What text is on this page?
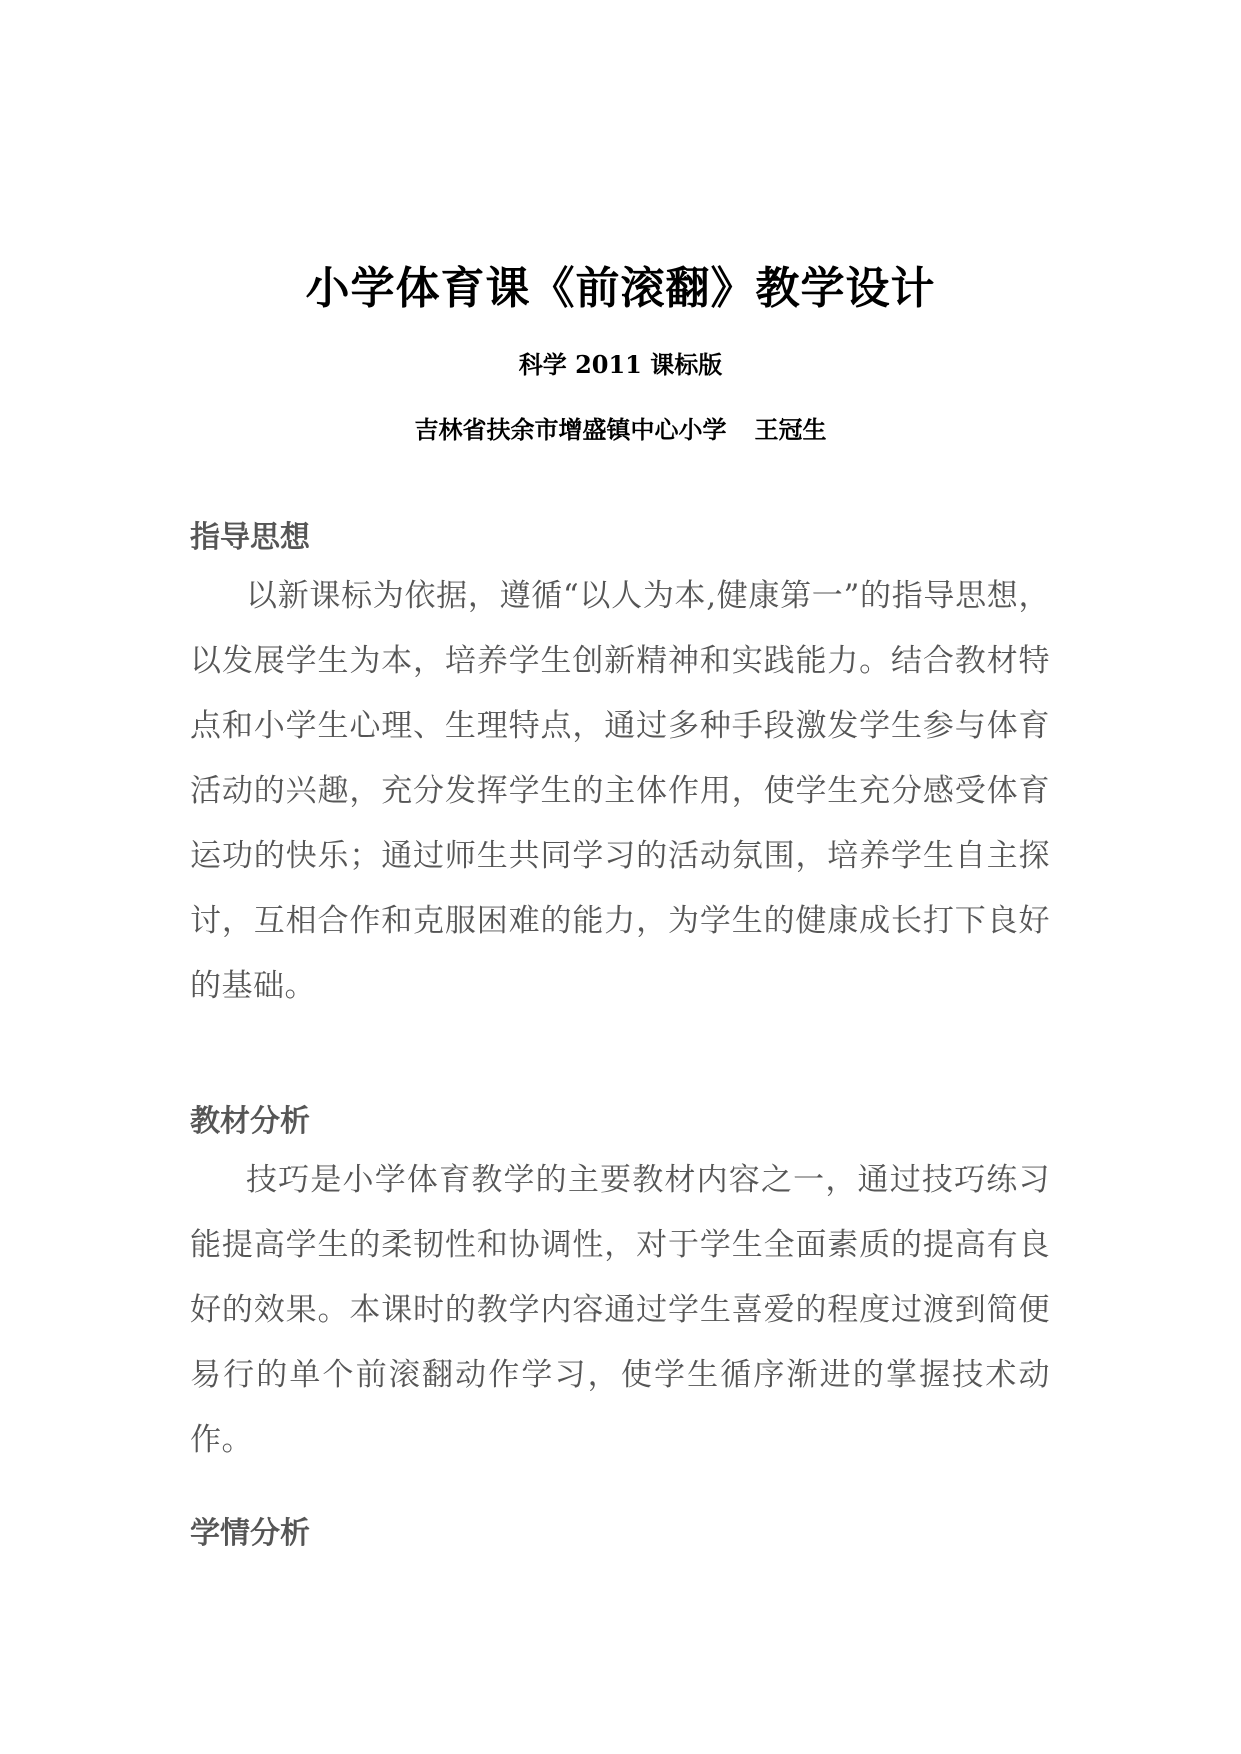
小学体育课《前滚翻》教学设计

科学 2011 课标版

吉林省扶余市增盛镇中心小学 王冠生

指导思想

以新课标为依据，遵循“以人为本,健康第一”的指导思想，以发展学生为本，培养学生创新精神和实践能力。结合教材特点和小学生心理、生理特点，通过多种手段激发学生参与体育活动的兴趣，充分发挥学生的主体作用，使学生充分感受体育运功的快乐；通过师生共同学习的活动氛围，培养学生自主探讨，互相合作和克服困难的能力，为学生的健康成长打下良好的基础。

教材分析

技巧是小学体育教学的主要教材内容之一，通过技巧练习能提高学生的柔韧性和协调性，对于学生全面素质的提高有良好的效果。本课时的教学内容通过学生喜爱的程度过渡到简便易行的单个前滚翻动作学习，使学生循序渐进的掌握技术动作。

学情分析
